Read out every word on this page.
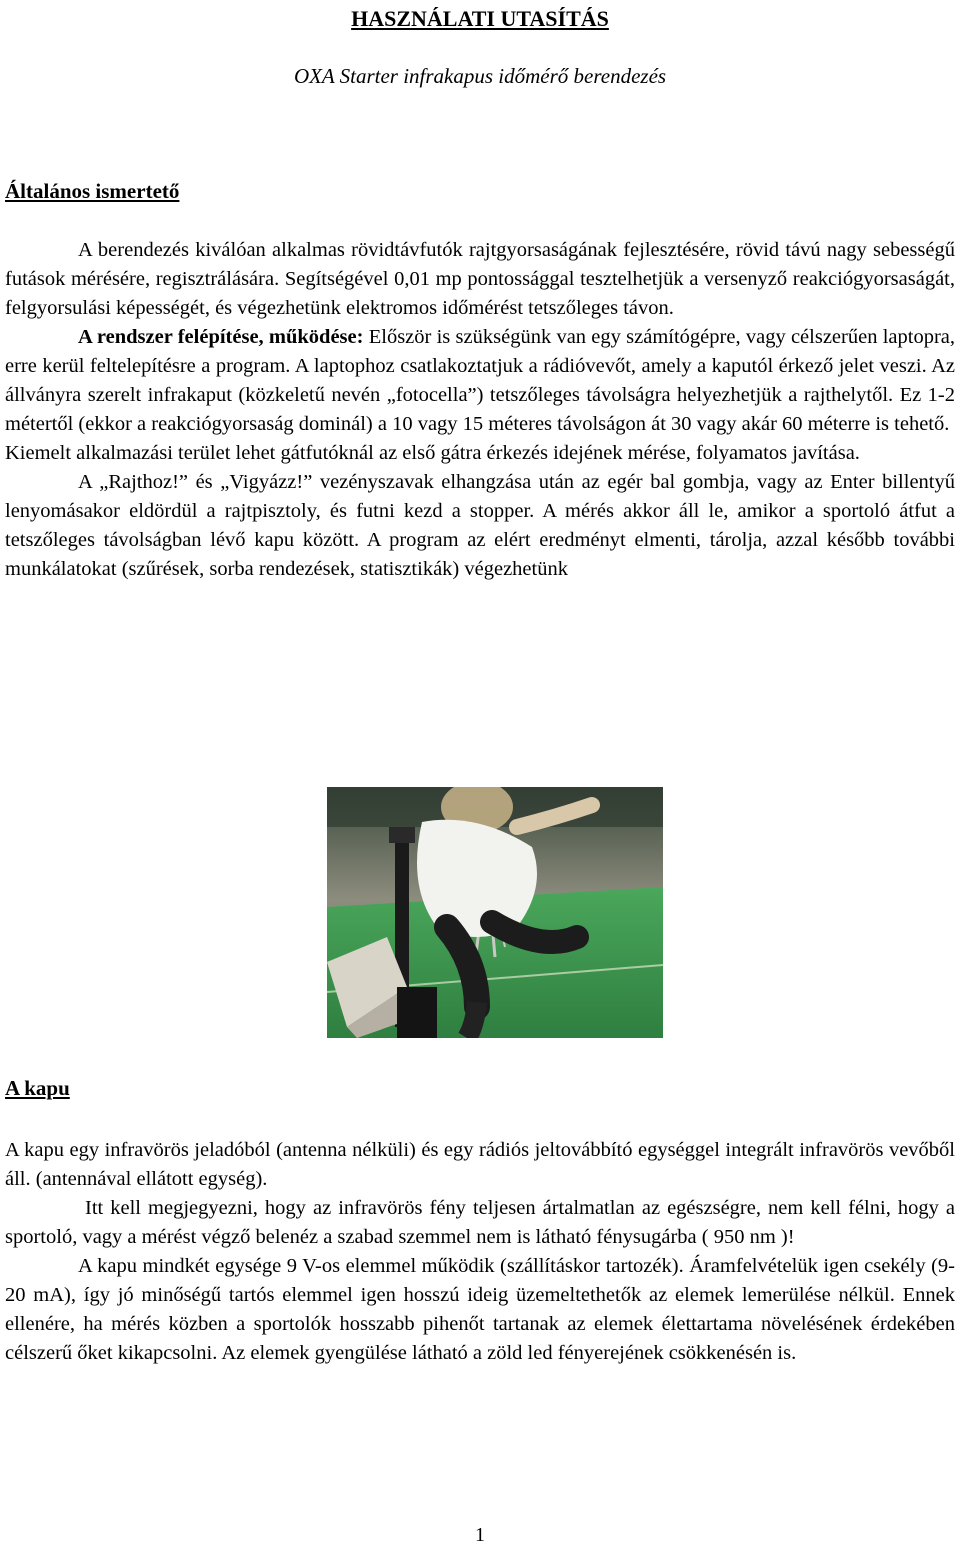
HASZNÁLATI UTASÍTÁS
OXA Starter infrakapus időmérő berendezés
Általános ismertető

A berendezés kiválóan alkalmas rövidtávfutók rajtgyorsaságának fejlesztésére, rövid távú nagy sebességű futások mérésére, regisztrálására. Segítségével 0,01 mp pontossággal tesztelhetjük a versenyző reakciógyorsaságát, felgyorsulási képességét, és végezhetünk elektromos időmérést tetszőleges távon.

A rendszer felépítése, működése: Először is szükségünk van egy számítógépre, vagy célszerűen laptopra, erre kerül feltelepítésre a program. A laptophoz csatlakoztatjuk a rádióvevőt, amely a kaputól érkező jelet veszi. Az állványra szerelt infrakaput (közkeletű nevén „fotocella”) tetszőleges távolságra helyezhetjük a rajthelytől. Ez 1-2 métertől (ekkor a reakciógyorsaság dominál) a 10 vagy 15 méteres távolságon át 30 vagy akár 60 méterre is tehető.

Kiemelt alkalmazási terület lehet gátfutóknál az első gátra érkezés idejének mérése, folyamatos javítása.

A „Rajthoz!” és „Vigyázz!” vezényszavak elhangzása után az egér bal gombja, vagy az Enter billentyű lenyomásakor eldördül a rajtpisztoly, és futni kezd a stopper. A mérés akkor áll le, amikor a sportoló átfut a tetszőleges távolságban lévő kapu között. A program az elért eredményt elmenti, tárolja, azzal később további munkálatokat (szűrések, sorba rendezések, statisztikák) végezhetünk

A kapu

A kapu egy infravörös jeladóból (antenna nélküli) és egy rádiós jeltovábbító egységgel integrált infravörös vevőből áll. (antennával ellátott egység).

Itt kell megjegyezni, hogy az infravörös fény teljesen ártalmatlan az egészségre, nem kell félni, hogy a sportoló, vagy a mérést végző belenéz a szabad szemmel nem is látható fénysugárba ( 950 nm )!

A kapu mindkét egysége 9 V-os elemmel működik (szállításkor tartozék). Áramfelvételük igen csekély (9-20 mA), így jó minőségű tartós elemmel igen hosszú ideig üzemeltethetők az elemek lemerülése nélkül. Ennek ellenére, ha mérés közben a sportolók hosszabb pihenőt tartanak az elemek élettartama növelésének érdekében célszerű őket kikapcsolni. Az elemek gyengülése látható a zöld led fényerejének csökkenésén is.

1
